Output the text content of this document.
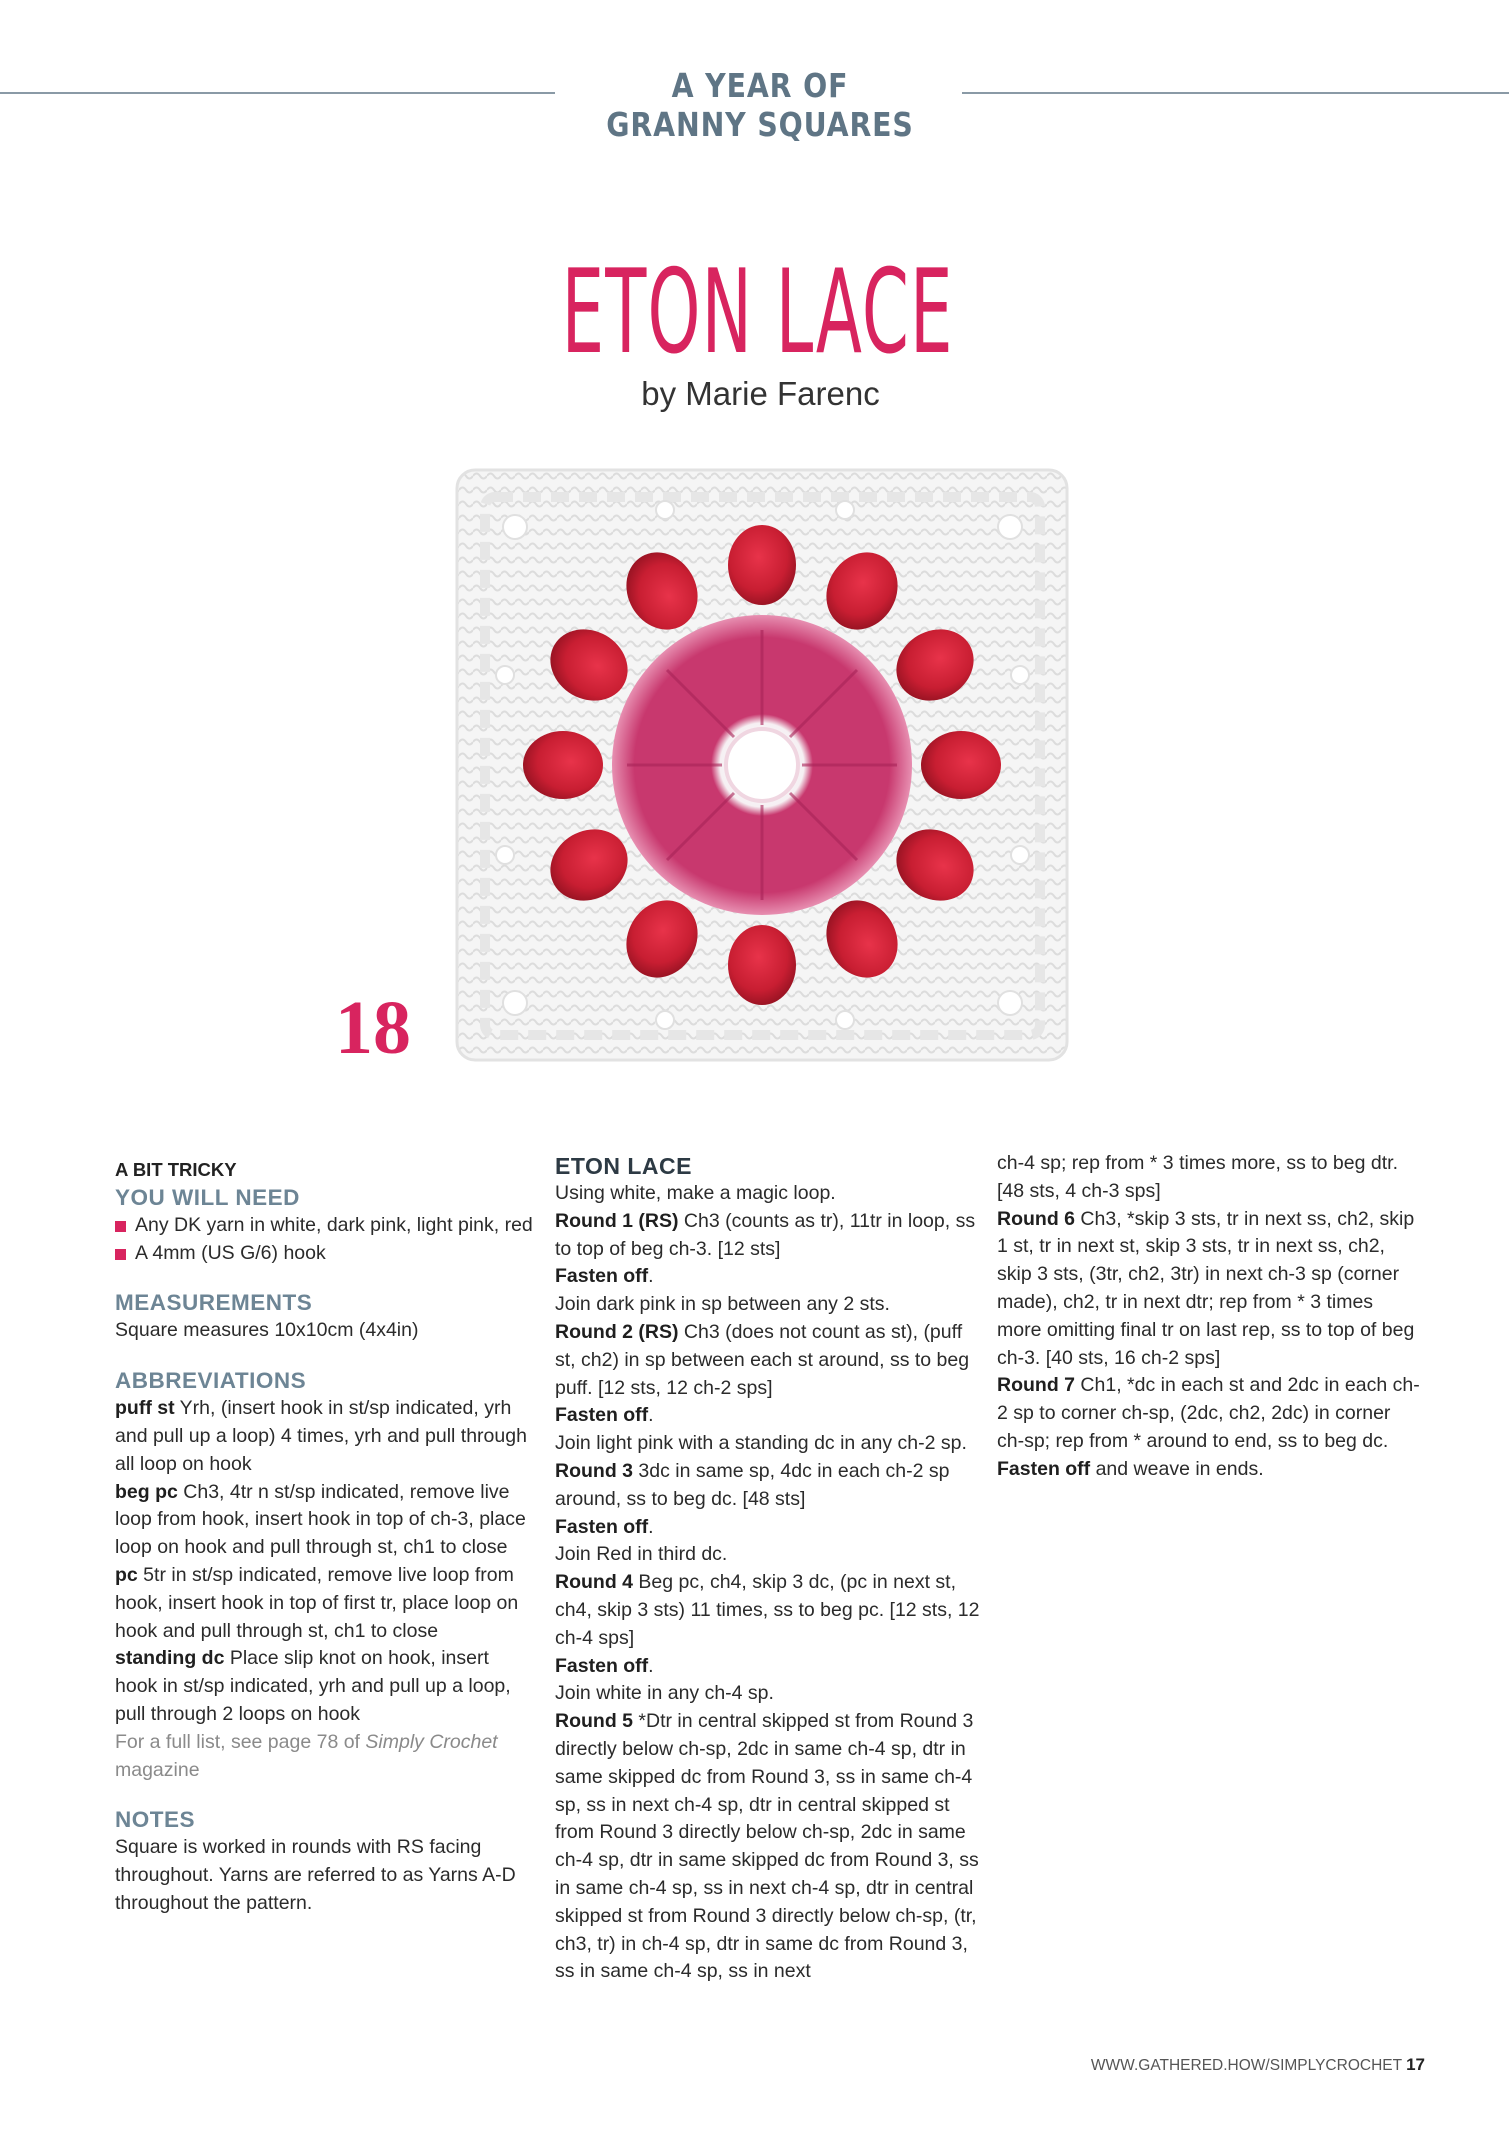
A YEAR OF GRANNY SQUARES
ETON LACE
by Marie Farenc
18
A BIT TRICKY
YOU WILL NEED
Any DK yarn in white, dark pink, light pink, red
A 4mm (US G/6) hook
MEASUREMENTS

Square measures 10x10cm (4x4in)

ABBREVIATIONS

puff st Yrh, (insert hook in st/sp indicated, yrh and pull up a loop) 4 times, yrh and pull through all loop on hook

beg pc Ch3, 4tr n st/sp indicated, remove live loop from hook, insert hook in top of ch-3, place loop on hook and pull through st, ch1 to close

pc 5tr in st/sp indicated, remove live loop from hook, insert hook in top of first tr, place loop on hook and pull through st, ch1 to close

standing dc Place slip knot on hook, insert hook in st/sp indicated, yrh and pull up a loop, pull through 2 loops on hook

For a full list, see page 78 of Simply Crochet magazine

NOTES

Square is worked in rounds with RS facing throughout. Yarns are referred to as Yarns A-D throughout the pattern.

ETON LACE

Using white, make a magic loop.

Round 1 (RS) Ch3 (counts as tr), 11tr in loop, ss to top of beg ch-3. [12 sts]

Fasten off.

Join dark pink in sp between any 2 sts.

Round 2 (RS) Ch3 (does not count as st), (puff st, ch2) in sp between each st around, ss to beg puff. [12 sts, 12 ch-2 sps]

Fasten off.

Join light pink with a standing dc in any ch-2 sp.

Round 3 3dc in same sp, 4dc in each ch-2 sp around, ss to beg dc. [48 sts]

Fasten off.

Join Red in third dc.

Round 4 Beg pc, ch4, skip 3 dc, (pc in next st, ch4, skip 3 sts) 11 times, ss to beg pc. [12 sts, 12 ch-4 sps]

Fasten off.

Join white in any ch-4 sp.

Round 5 *Dtr in central skipped st from Round 3 directly below ch-sp, 2dc in same ch-4 sp, dtr in same skipped dc from Round 3, ss in same ch-4 sp, ss in next ch-4 sp, dtr in central skipped st from Round 3 directly below ch-sp, 2dc in same ch-4 sp, dtr in same skipped dc from Round 3, ss in same ch-4 sp, ss in next ch-4 sp, dtr in central skipped st from Round 3 directly below ch-sp, (tr, ch3, tr) in ch-4 sp, dtr in same dc from Round 3, ss in same ch-4 sp, ss in next

ch-4 sp; rep from * 3 times more, ss to beg dtr. [48 sts, 4 ch-3 sps]

Round 6 Ch3, *skip 3 sts, tr in next ss, ch2, skip 1 st, tr in next st, skip 3 sts, tr in next ss, ch2, skip 3 sts, (3tr, ch2, 3tr) in next ch-3 sp (corner made), ch2, tr in next dtr; rep from * 3 times more omitting final tr on last rep, ss to top of beg ch-3. [40 sts, 16 ch-2 sps]

Round 7 Ch1, *dc in each st and 2dc in each ch-2 sp to corner ch-sp, (2dc, ch2, 2dc) in corner ch-sp; rep from * around to end, ss to beg dc.

Fasten off and weave in ends.

WWW.GATHERED.HOW/SIMPLYCROCHET 17
